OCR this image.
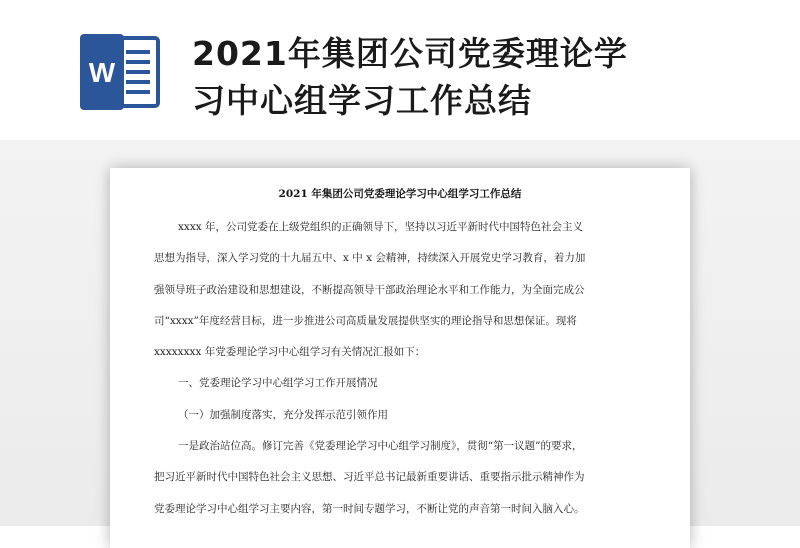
W 2021年集团公司党委理论学
习中心组学习工作总结
2021 年集团公司党委理论学习中心组学习工作总结
xxxx 年，公司党委在上级党组织的正确领导下，坚持以习近平新时代中国特色社会主义
思想为指导，深入学习党的十九届五中、x 中 x 会精神，持续深入开展党史学习教育，着力加
强领导班子政治建设和思想建设，不断提高领导干部政治理论水平和工作能力，为全面完成公
司“xxxx”年度经营目标，进一步推进公司高质量发展提供坚实的理论指导和思想保证。现将
xxxxxxxx 年党委理论学习中心组学习有关情况汇报如下：
一、党委理论学习中心组学习工作开展情况
（一）加强制度落实，充分发挥示范引领作用
一是政治站位高。修订完善《党委理论学习中心组学习制度》，贯彻“第一议题”的要求，
把习近平新时代中国特色社会主义思想、习近平总书记最新重要讲话、重要指示批示精神作为
党委理论学习中心组学习主要内容，第一时间专题学习，不断让党的声音第一时间入脑入心。
